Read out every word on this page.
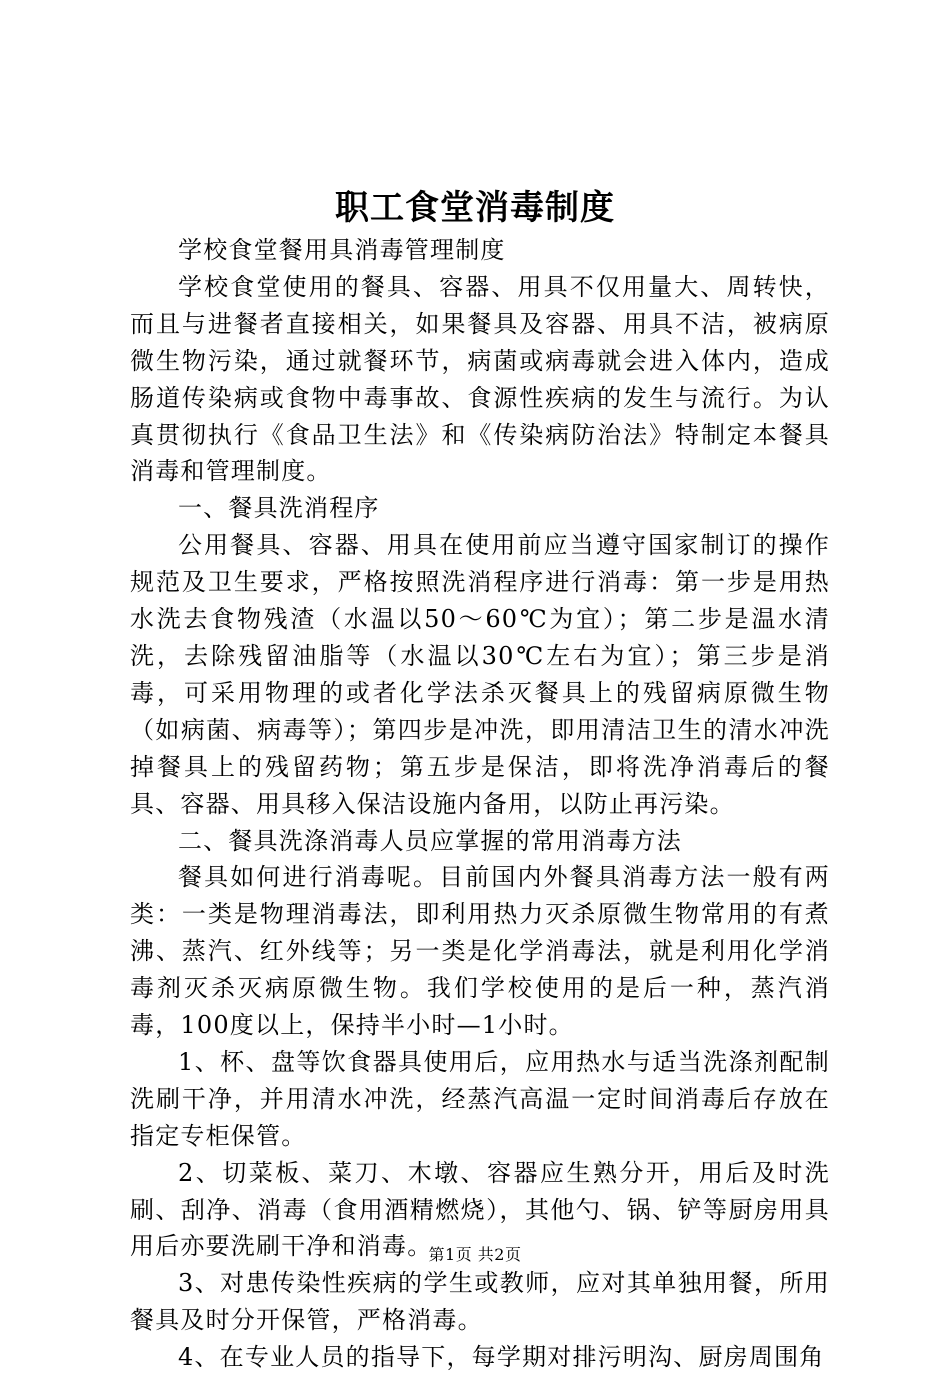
职工食堂消毒制度

学校食堂餐用具消毒管理制度

学校食堂使用的餐具、容器、用具不仅用量大、周转快，而且与进餐者直接相关，如果餐具及容器、用具不洁，被病原微生物污染，通过就餐环节，病菌或病毒就会进入体内，造成肠道传染病或食物中毒事故、食源性疾病的发生与流行。为认真贯彻执行《食品卫生法》和《传染病防治法》特制定本餐具消毒和管理制度。

一、餐具洗消程序

公用餐具、容器、用具在使用前应当遵守国家制订的操作规范及卫生要求，严格按照洗消程序进行消毒：第一步是用热水洗去食物残渣（水温以50～60℃为宜）；第二步是温水清洗，去除残留油脂等（水温以30℃左右为宜）；第三步是消毒，可采用物理的或者化学法杀灭餐具上的残留病原微生物（如病菌、病毒等）；第四步是冲洗，即用清洁卫生的清水冲洗掉餐具上的残留药物；第五步是保洁，即将洗净消毒后的餐具、容器、用具移入保洁设施内备用，以防止再污染。

二、餐具洗涤消毒人员应掌握的常用消毒方法

餐具如何进行消毒呢。目前国内外餐具消毒方法一般有两类：一类是物理消毒法，即利用热力灭杀原微生物常用的有煮沸、蒸汽、红外线等；另一类是化学消毒法，就是利用化学消毒剂灭杀灭病原微生物。我们学校使用的是后一种，蒸汽消毒，100度以上，保持半小时—1小时。

1、杯、盘等饮食器具使用后，应用热水与适当洗涤剂配制洗刷干净，并用清水冲洗，经蒸汽高温一定时间消毒后存放在指定专柜保管。

2、切菜板、菜刀、木墩、容器应生熟分开，用后及时洗刷、刮净、消毒（食用酒精燃烧），其他勺、锅、铲等厨房用具用后亦要洗刷干净和消毒。

3、对患传染性疾病的学生或教师，应对其单独用餐，所用餐具及时分开保管，严格消毒。

4、在专业人员的指导下，每学期对排污明沟、厨房周围角

第1页 共2页
